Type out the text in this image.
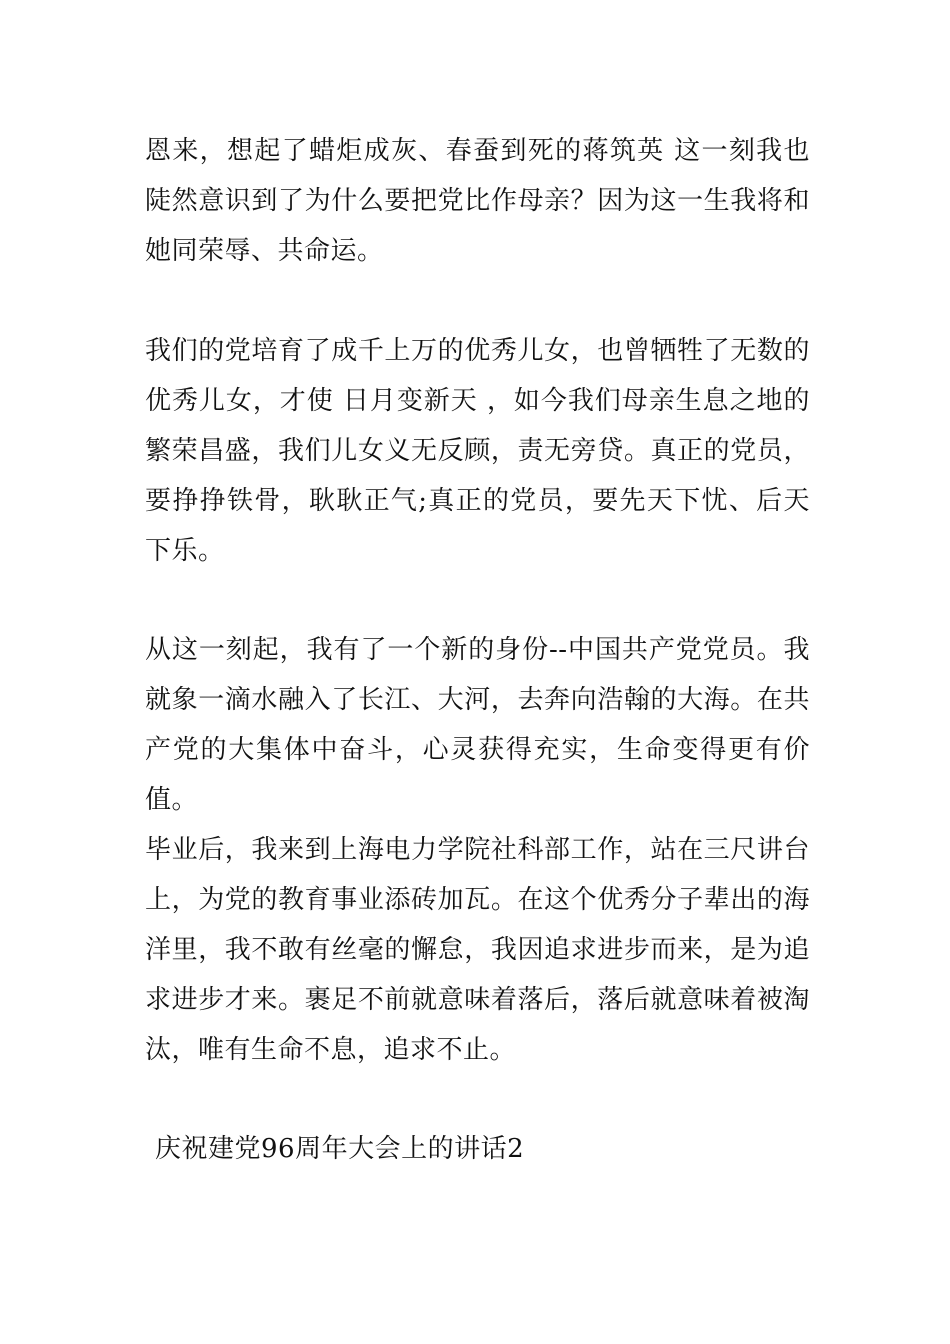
恩来，想起了蜡炬成灰、春蚕到死的蒋筑英 这一刻我也陡然意识到了为什么要把党比作母亲？因为这一生我将和她同荣辱、共命运。

我们的党培育了成千上万的优秀儿女，也曾牺牲了无数的优秀儿女，才使 日月变新天 ，如今我们母亲生息之地的繁荣昌盛，我们儿女义无反顾，责无旁贷。真正的党员，要挣挣铁骨，耿耿正气;真正的党员，要先天下忧、后天下乐。

从这一刻起，我有了一个新的身份--中国共产党党员。我就象一滴水融入了长江、大河，去奔向浩翰的大海。在共产党的大集体中奋斗，心灵获得充实，生命变得更有价值。

毕业后，我来到上海电力学院社科部工作，站在三尺讲台上，为党的教育事业添砖加瓦。在这个优秀分子辈出的海洋里，我不敢有丝毫的懈怠，我因追求进步而来，是为追求进步才来。裹足不前就意味着落后，落后就意味着被淘汰，唯有生命不息，追求不止。

庆祝建党96周年大会上的讲话2
